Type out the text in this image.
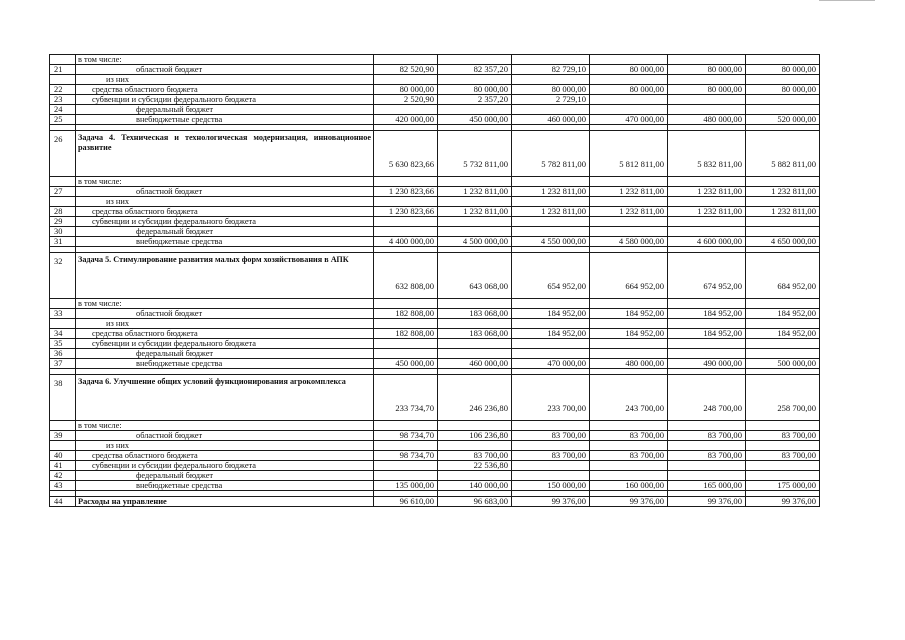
	в том числе:						
21	областной бюджет	82 520,90	82 357,20	82 729,10	80 000,00	80 000,00	80 000,00
	из них						
22	средства областного бюджета	80 000,00	80 000,00	80 000,00	80 000,00	80 000,00	80 000,00
23	субвенции и субсидии федерального бюджета	2 520,90	2 357,20	2 729,10			
24	федеральный бюджет						
25	внебюджетные средства	420 000,00	450 000,00	460 000,00	470 000,00	480 000,00	520 000,00

26	Задача 4. Техническая и технологическая модернизация, инновационное развитие	5 630 823,66	5 732 811,00	5 782 811,00	5 812 811,00	5 832 811,00	5 882 811,00
	в том числе:						
27	областной бюджет	1 230 823,66	1 232 811,00	1 232 811,00	1 232 811,00	1 232 811,00	1 232 811,00
	из них						
28	средства областного бюджета	1 230 823,66	1 232 811,00	1 232 811,00	1 232 811,00	1 232 811,00	1 232 811,00
29	субвенции и субсидии федерального бюджета						
30	федеральный бюджет						
31	внебюджетные средства	4 400 000,00	4 500 000,00	4 550 000,00	4 580 000,00	4 600 000,00	4 650 000,00

32	Задача 5. Стимулирование развития малых форм хозяйствования в АПК	632 808,00	643 068,00	654 952,00	664 952,00	674 952,00	684 952,00
	в том числе:						
33	областной бюджет	182 808,00	183 068,00	184 952,00	184 952,00	184 952,00	184 952,00
	из них						
34	средства областного бюджета	182 808,00	183 068,00	184 952,00	184 952,00	184 952,00	184 952,00
35	субвенции и субсидии федерального бюджета						
36	федеральный бюджет						
37	внебюджетные средства	450 000,00	460 000,00	470 000,00	480 000,00	490 000,00	500 000,00

38	Задача 6. Улучшение общих условий функционирования агрокомплекса	233 734,70	246 236,80	233 700,00	243 700,00	248 700,00	258 700,00
	в том числе:						
39	областной бюджет	98 734,70	106 236,80	83 700,00	83 700,00	83 700,00	83 700,00
	из них						
40	средства областного бюджета	98 734,70	83 700,00	83 700,00	83 700,00	83 700,00	83 700,00
41	субвенции и субсидии федерального бюджета		22 536,80				
42	федеральный бюджет						
43	внебюджетные средства	135 000,00	140 000,00	150 000,00	160 000,00	165 000,00	175 000,00

44	Расходы на управление	96 610,00	96 683,00	99 376,00	99 376,00	99 376,00	99 376,00
